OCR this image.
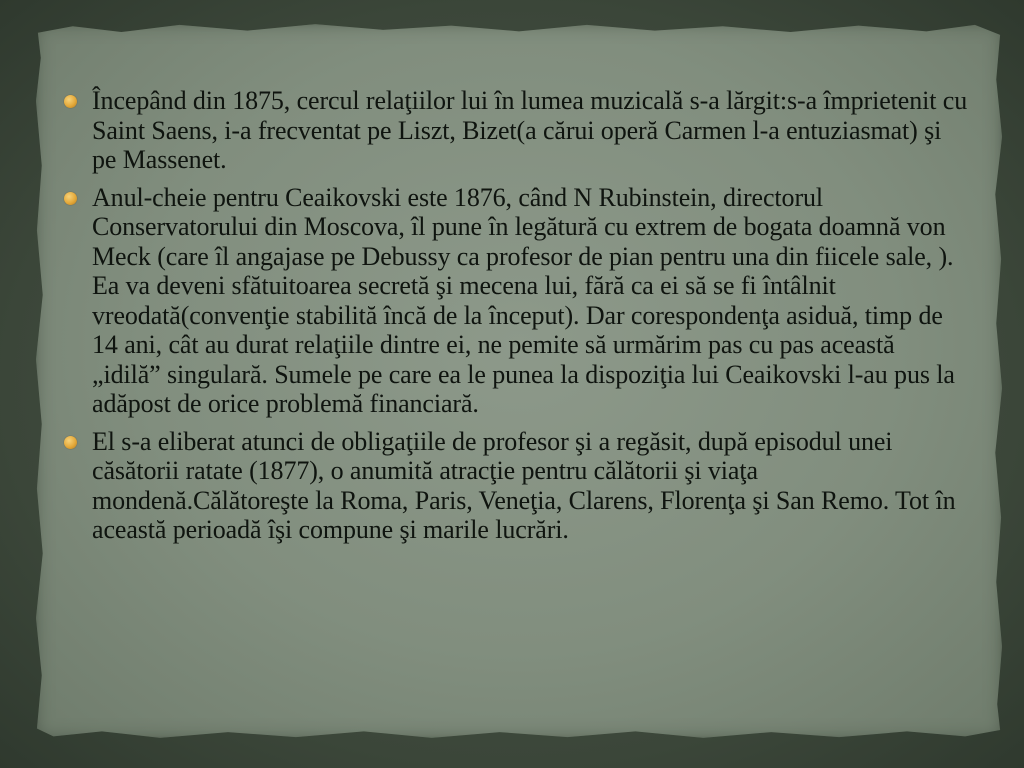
Începând din 1875, cercul relaţiilor lui în lumea muzicală s-a lărgit:s-a împrietenit cu Saint Saens, i-a frecventat pe Liszt, Bizet(a cărui operă Carmen l-a entuziasmat) şi pe Massenet.
Anul-cheie pentru Ceaikovski este 1876, când N Rubinstein, directorul Conservatorului din Moscova, îl pune în legătură cu extrem de bogata doamnă von Meck (care îl angajase pe Debussy ca profesor de pian pentru una din fiicele sale, ). Ea va deveni sfătuitoarea secretă şi mecena lui, fără ca ei să se fi întâlnit vreodată(convenţie stabilită încă de la început). Dar corespondenţa asiduă, timp de 14 ani, cât au durat relaţiile dintre ei, ne pemite să urmărim pas cu pas această „idilă” singulară. Sumele pe care ea le punea la dispoziţia lui Ceaikovski l-au pus la adăpost de orice problemă financiară.
El s-a eliberat atunci de obligaţiile de profesor şi a regăsit, după episodul unei căsătorii ratate (1877), o anumită atracţie pentru călătorii şi viaţa mondenă.Călătoreşte la Roma, Paris, Veneţia, Clarens, Florenţa şi San Remo. Tot în această perioadă îşi compune şi marile lucrări.
